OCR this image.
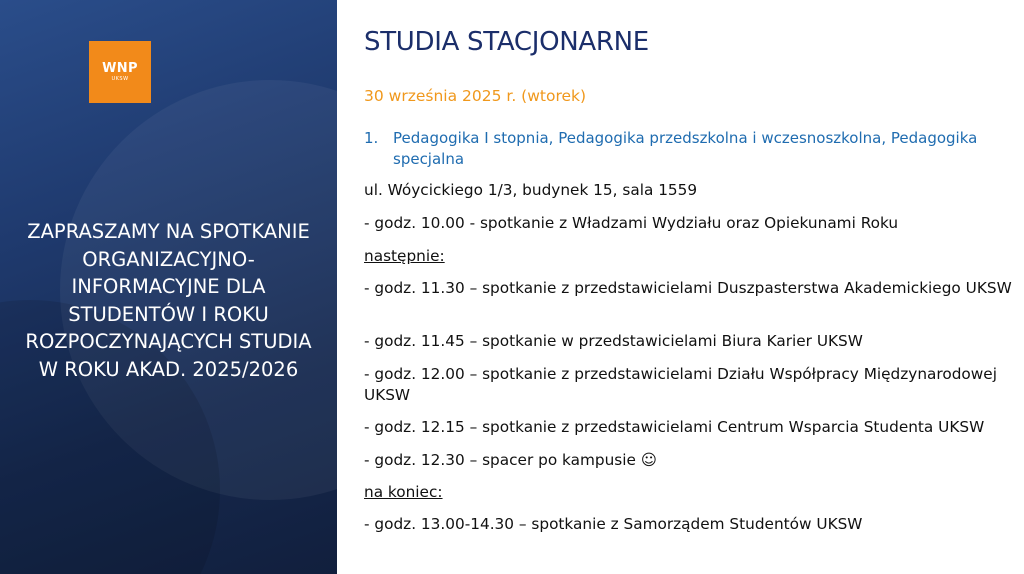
WNP
UKSW
ZAPRASZAMY NA SPOTKANIE
ORGANIZACYJNO-
INFORMACYJNE DLA
STUDENTÓW I ROKU
ROZPOCZYNAJĄCYCH STUDIA
W ROKU AKAD. 2025/2026
STUDIA STACJONARNE
30 września 2025 r. (wtorek)
1. Pedagogika I stopnia, Pedagogika przedszkolna i wczesnoszkolna, Pedagogika specjalna
ul. Wóycickiego 1/3, budynek 15, sala 1559
- godz. 10.00 - spotkanie z Władzami Wydziału oraz Opiekunami Roku
następnie:
- godz. 11.30 – spotkanie z przedstawicielami Duszpasterstwa Akademickiego UKSW
- godz. 11.45 – spotkanie w przedstawicielami Biura Karier UKSW
- godz. 12.00 – spotkanie z przedstawicielami Działu Współpracy Międzynarodowej UKSW
- godz. 12.15 – spotkanie z przedstawicielami Centrum Wsparcia Studenta UKSW
- godz. 12.30 – spacer po kampusie ☺
na koniec:
- godz. 13.00-14.30 – spotkanie z Samorządem Studentów UKSW
